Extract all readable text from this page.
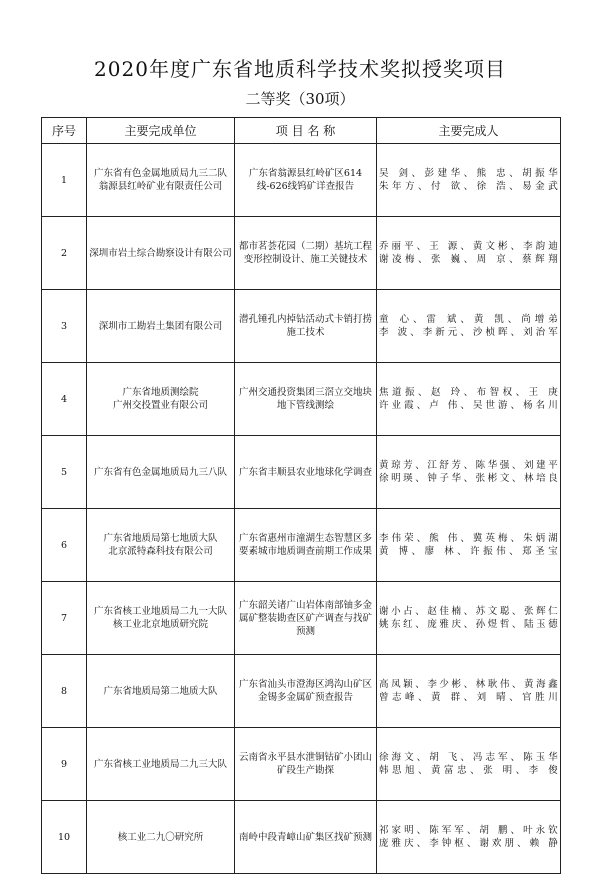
2020年度广东省地质科学技术奖拟授奖项目
二等奖（30项）
序号	主要完成单位	项 目 名 称	主要完成人
1	广东省有色金属地质局九三二队
翁源县红岭矿业有限责任公司	广东省翁源县红岭矿区614线-626线钨矿详查报告	吴 剑、彭建华、熊 忠、胡振华
朱年方、付 欲、徐 浩、易金武
2	深圳市岩土综合勘察设计有限公司	都市茗荟花园（二期）基坑工程变形控制设计、施工关键技术	乔丽平、王 源、黄文彬、李韵迪
谢凌梅、张 巍、周 京、蔡辉翔
3	深圳市工勘岩土集团有限公司	潜孔锤孔内掉钻活动式卡销打捞施工技术	童 心、雷 斌、黄 凯、尚增弟
李 波、李新元、沙桢晖、刘治军
4	广东省地质测绘院
广州交投置业有限公司	广州交通投资集团三滘立交地块地下管线测绘	焦道振、赵 玲、布智权、王 庚
许业霞、卢 伟、吴世游、杨名川
5	广东省有色金属地质局九三八队	广东省丰顺县农业地球化学调查	黄琼芳、江舒芳、陈华强、刘建平
徐明瑛、钟子华、张彬文、林培良
6	广东省地质局第七地质大队
北京派特森科技有限公司	广东省惠州市潼湖生态智慧区多要素城市地质调查前期工作成果	李伟荣、熊 伟、冀英梅、朱炳湖
黄 博、廖 林、许振伟、郑圣宝
7	广东省核工业地质局二九一大队
核工业北京地质研究院	广东韶关诸广山岩体南部铀多金属矿整装勘查区矿产调查与找矿预测	谢小占、赵佳楠、苏文聪、张辉仁
姚东红、庞雅庆、孙煜哲、陆玉德
8	广东省地质局第二地质大队	广东省汕头市澄海区鸿沟山矿区金锡多金属矿预查报告	高凤颖、李少彬、林耿伟、黄海鑫
曾志峰、黄 群、刘 晴、官胜川
9	广东省核工业地质局二九三大队	云南省永平县水泄铜钴矿小团山矿段生产勘探	徐海文、胡 飞、冯志军、陈玉华
韩思旭、黄富忠、张 明、李 俊
10	核工业二九〇研究所	南岭中段青嶂山矿集区找矿预测	祁家明、陈军军、胡 鹏、叶永钦
庞雅庆、李钟枢、谢欢朋、赖 静
